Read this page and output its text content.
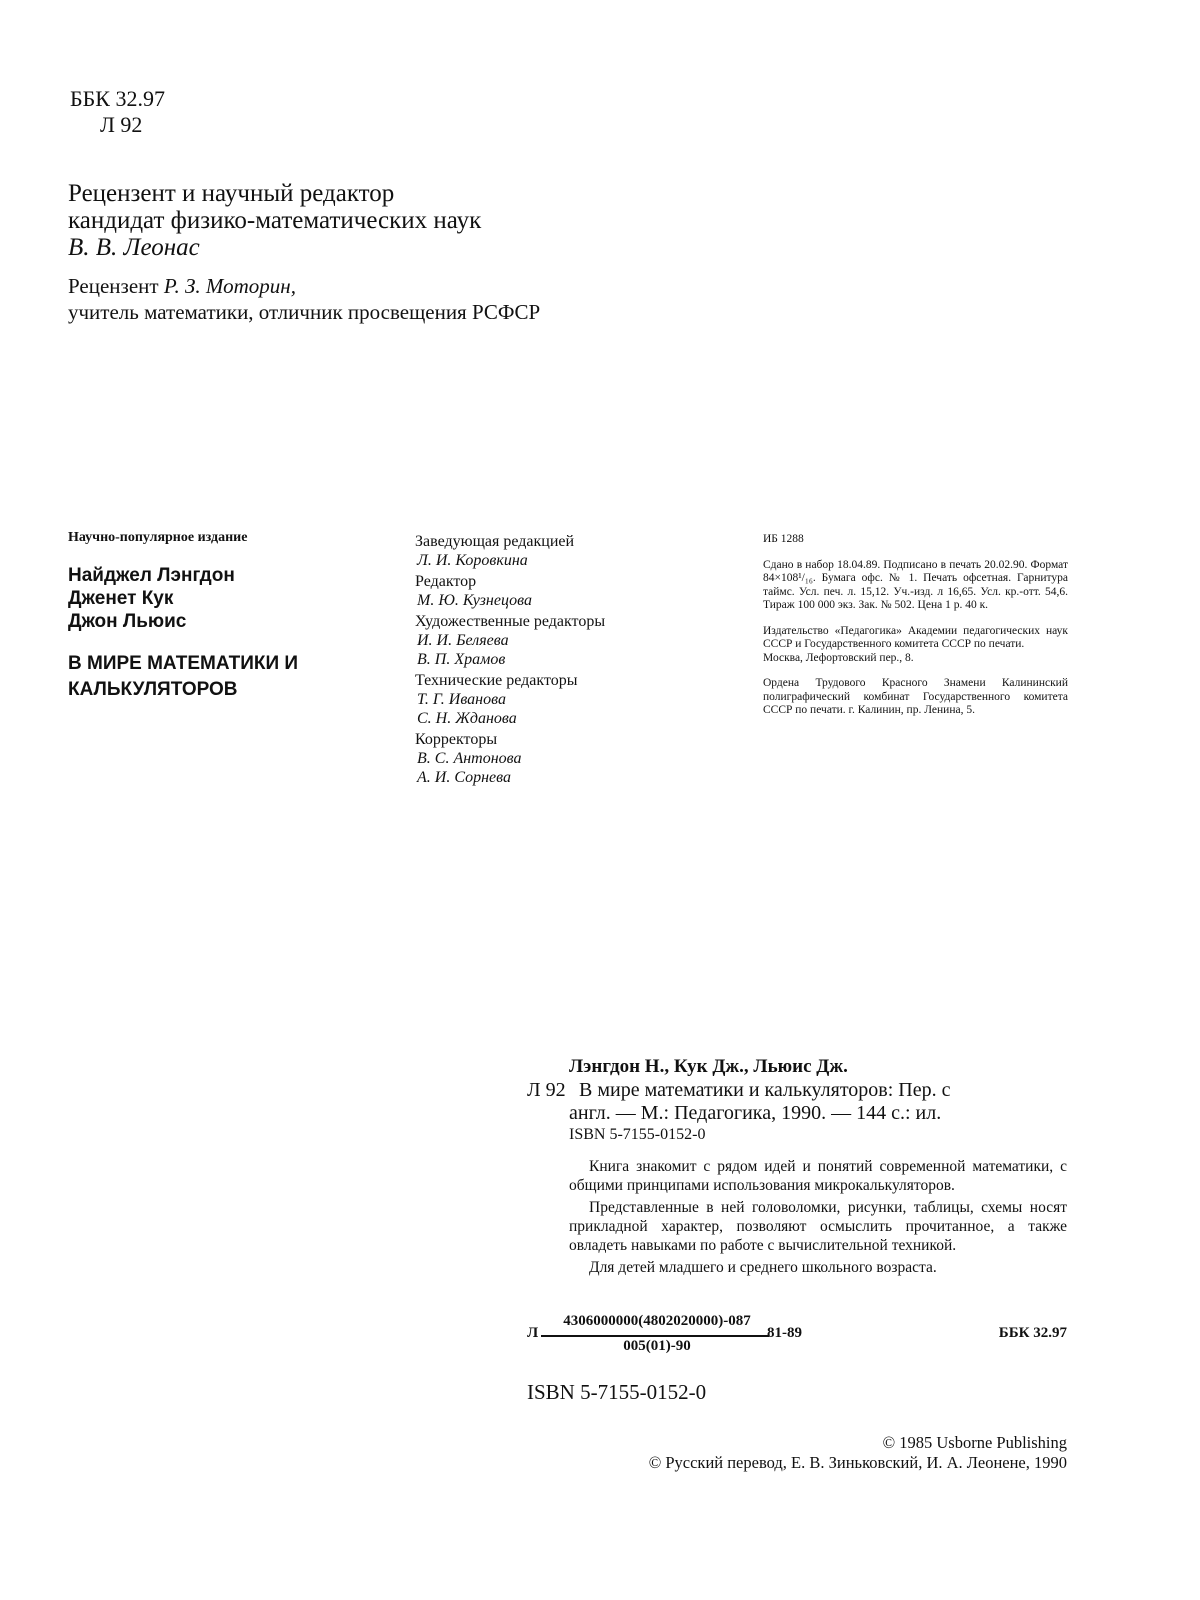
ББК 32.97
Л 92
Рецензент и научный редактор
кандидат физико-математических наук
В. В. Леонас
Рецензент Р. З. Моторин,
учитель математики, отличник просвещения РСФСР
Научно-популярное издание
Найджел Лэнгдон
Дженет Кук
Джон Льюис
В МИРЕ МАТЕМАТИКИ И
КАЛЬКУЛЯТОРОВ
Заведующая редакцией
Л. И. Коровкина
Редактор
М. Ю. Кузнецова
Художественные редакторы
И. И. Беляева
В. П. Храмов
Технические редакторы
Т. Г. Иванова
С. Н. Жданова
Корректоры
В. С. Антонова
А. И. Сорнева

ИБ 1288

Сдано в набор 18.04.89. Подписано в печать 20.02.90. Формат 84×108¹/₁₆. Бумага офс. № 1. Печать офсетная. Гарнитура таймс. Усл. печ. л. 15,12. Уч.-изд. л 16,65. Усл. кр.-отт. 54,6. Тираж 100 000 экз. Зак. № 502. Цена 1 р. 40 к.

Издательство «Педагогика» Академии педагогических наук СССР и Государственного комитета СССР по печати.

Москва, Лефортовский пер., 8.

Ордена Трудового Красного Знамени Калининский полиграфический комбинат Государственного комитета СССР по печати. г. Калинин, пр. Ленина, 5.

Лэнгдон Н., Кук Дж., Льюис Дж.
Л 92 В мире математики и калькуляторов: Пер. с
англ. — М.: Педагогика, 1990. — 144 с.: ил.
ISBN 5-7155-0152-0

Книга знакомит с рядом идей и понятий современной математики, с общими принципами использования микрокалькуляторов.

Представленные в ней головоломки, рисунки, таблицы, схемы носят прикладной характер, позволяют осмыслить прочитанное, а также овладеть навыками по работе с вычислительной техникой.

Для детей младшего и среднего школьного возраста.

Л
4306000000(4802020000)-087
005(01)-90
81-89	ББК 32.97
ISBN 5-7155-0152-0
© 1985 Usborne Publishing
© Русский перевод, Е. В. Зиньковский, И. А. Леонене, 1990
